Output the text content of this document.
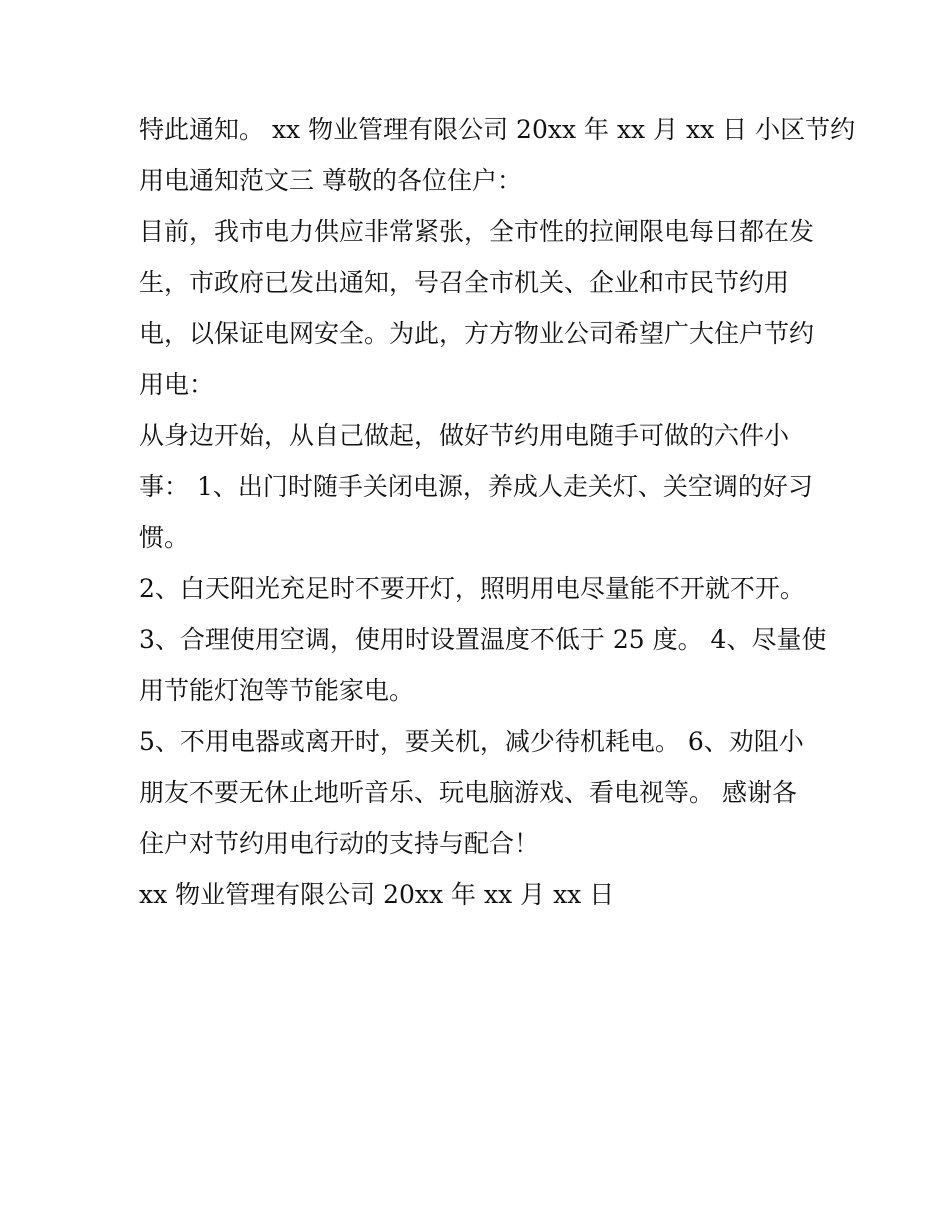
特此通知。 xx 物业管理有限公司 20xx 年 xx 月 xx 日 小区节约
用电通知范文三 尊敬的各位住户：
目前，我市电力供应非常紧张，全市性的拉闸限电每日都在发
生，市政府已发出通知，号召全市机关、企业和市民节约用
电，以保证电网安全。为此，方方物业公司希望广大住户节约
用电：
从身边开始，从自己做起，做好节约用电随手可做的六件小
事： 1、出门时随手关闭电源，养成人走关灯、关空调的好习
惯。
2、白天阳光充足时不要开灯，照明用电尽量能不开就不开。
3、合理使用空调，使用时设置温度不低于 25 度。 4、尽量使
用节能灯泡等节能家电。
5、不用电器或离开时，要关机，减少待机耗电。 6、劝阻小
朋友不要无休止地听音乐、玩电脑游戏、看电视等。 感谢各
住户对节约用电行动的支持与配合！
xx 物业管理有限公司 20xx 年 xx 月 xx 日
